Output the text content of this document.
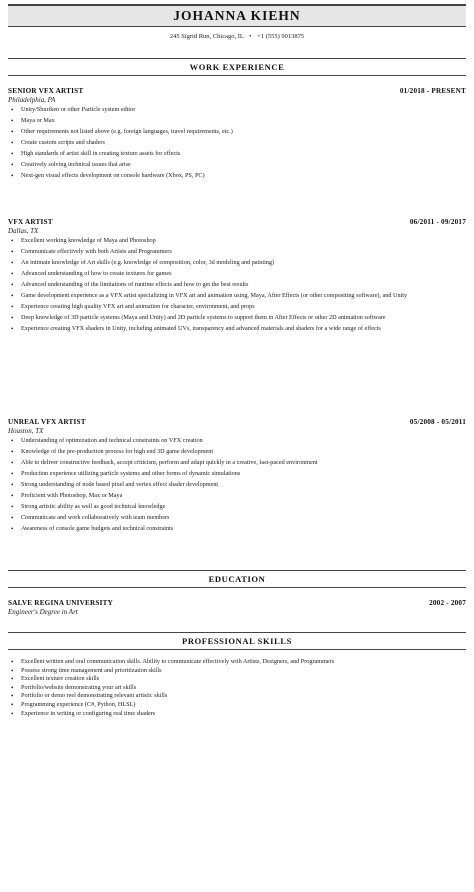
JOHANNA KIEHN
245 Sigrid Run, Chicago, IL • +1 (555) 9013875
WORK EXPERIENCE
SENIOR VFX ARTIST	01/2018 - PRESENT
Philadelphia, PA
• Unity/Shuriken or other Particle system editor
• Maya or Max
• Other requirements not listed above (e.g. foreign languages, travel requirements, etc.)
• Create custom scripts and shaders
• High standards of artist skill in creating texture assets for effects
• Creatively solving technical issues that arise
• Next-gen visual effects development on console hardware (Xbox, PS, PC)
VFX ARTIST	06/2011 - 09/2017
Dallas, TX
• Excellent working knowledge of Maya and Photoshop
• Communicate effectively with both Artists and Programmers
• An intimate knowledge of Art skills (e.g. knowledge of composition, color, 3d modeling and painting)
• Advanced understanding of how to create textures for games
• Advanced understanding of the limitations of runtime effects and how to get the best results
• Game development experience as a VFX artist specializing in VFX art and animation using, Maya, After Effects (or other compositing software), and Unity
• Experience creating high quality VFX art and animation for character, environment, and props
• Deep knowledge of 3D particle systems (Maya and Unity) and 2D particle systems to support them in After Effects or other 2D animation software
• Experience creating VFX shaders in Unity, including animated UVs, transparency and advanced materials and shaders for a wide range of effects
UNREAL VFX ARTIST	05/2008 - 05/2011
Houston, TX
• Understanding of optimization and technical constraints on VFX creation
• Knowledge of the pre-production process for high end 3D game development
• Able to deliver constructive feedback, accept criticism, perform and adapt quickly in a creative, fast-paced environment
• Production experience utilizing particle systems and other forms of dynamic simulations
• Strong understanding of node based pixel and vertex effect shader development
• Proficient with Photoshop, Max or Maya
• Strong artistic ability as well as good technical knowledge
• Communicate and work collaboratively with team members
• Awareness of console game budgets and technical constraints
EDUCATION
SALVE REGINA UNIVERSITY	2002 - 2007
Engineer's Degree in Art
PROFESSIONAL SKILLS
• Excellent written and oral communication skills. Ability to communicate effectively with Artists, Designers, and Programmers
• Possess strong time management and prioritization skills
• Excellent texture creation skills
• Portfolio/website demonstrating your art skills
• Portfolio or demo reel demonstrating relevant artistic skills
• Programming experience (C#, Python, HLSL)
• Experience in writing or configuring real time shaders
